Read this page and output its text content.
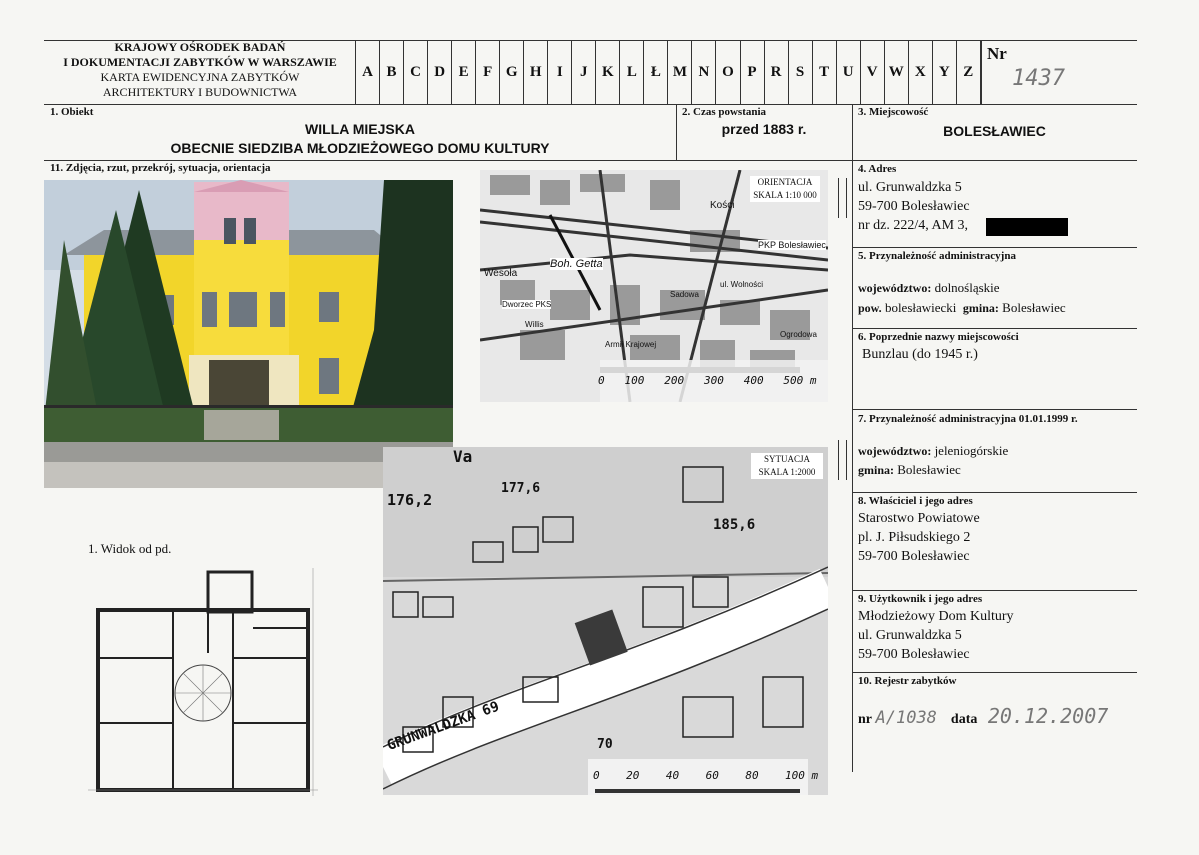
KRAJOWY OŚRODEK BADAŃ
I DOKUMENTACJI ZABYTKÓW W WARSZAWIE
KARTA EWIDENCYJNA ZABYTKÓW
ARCHITEKTURY I BUDOWNICTWA
A B C D E F G H	I	J K L Ł M N O P R S T U V W X Y Z
Nr
1437
1. Obiekt
WILLA MIEJSKA
OBECNIE SIEDZIBA MŁODZIEŻOWEGO DOMU KULTURY
2. Czas powstania
przed 1883 r.
3. Miejscowość
BOLESŁAWIEC
11. Zdjęcia, rzut, przekrój, sytuacja, orientacja
Boh. Getta
PKP Bolesławiec
Dworzec PKS
Wesoła
Kości
Sadowa
Armii Krajowej
Ogrodowa
ul. Wolności
Willis
ORIENTACJA
SKALA 1:10 000
0   100   200   300   400   500 m
176,2
177,6
185,6
GRUNWALDZKA 69	70
Va	SYTUACJA
SKALA 1:2000
0    20    40    60    80    100 m
1. Widok od pd.
4. Adres
ul. Grunwaldzka 5
59-700 Bolesławiec
nr dz. 222/4, AM 3,
5. Przynależność administracyjna
województwo: dolnośląskie
pow. bolesławiecki gmina: Bolesławiec
6. Poprzednie nazwy miejscowości
Bunzlau (do 1945 r.)
7. Przynależność administracyjna 01.01.1999 r.
województwo: jeleniogórskie
gmina: Bolesławiec
8. Właściciel i jego adres
Starostwo Powiatowe
pl. J. Piłsudskiego 2
59-700 Bolesławiec
9. Użytkownik i jego adres
Młodzieżowy Dom Kultury
ul. Grunwaldzka 5
59-700 Bolesławiec
10. Rejestr zabytków
nr A/1038 data 20.12.2007
